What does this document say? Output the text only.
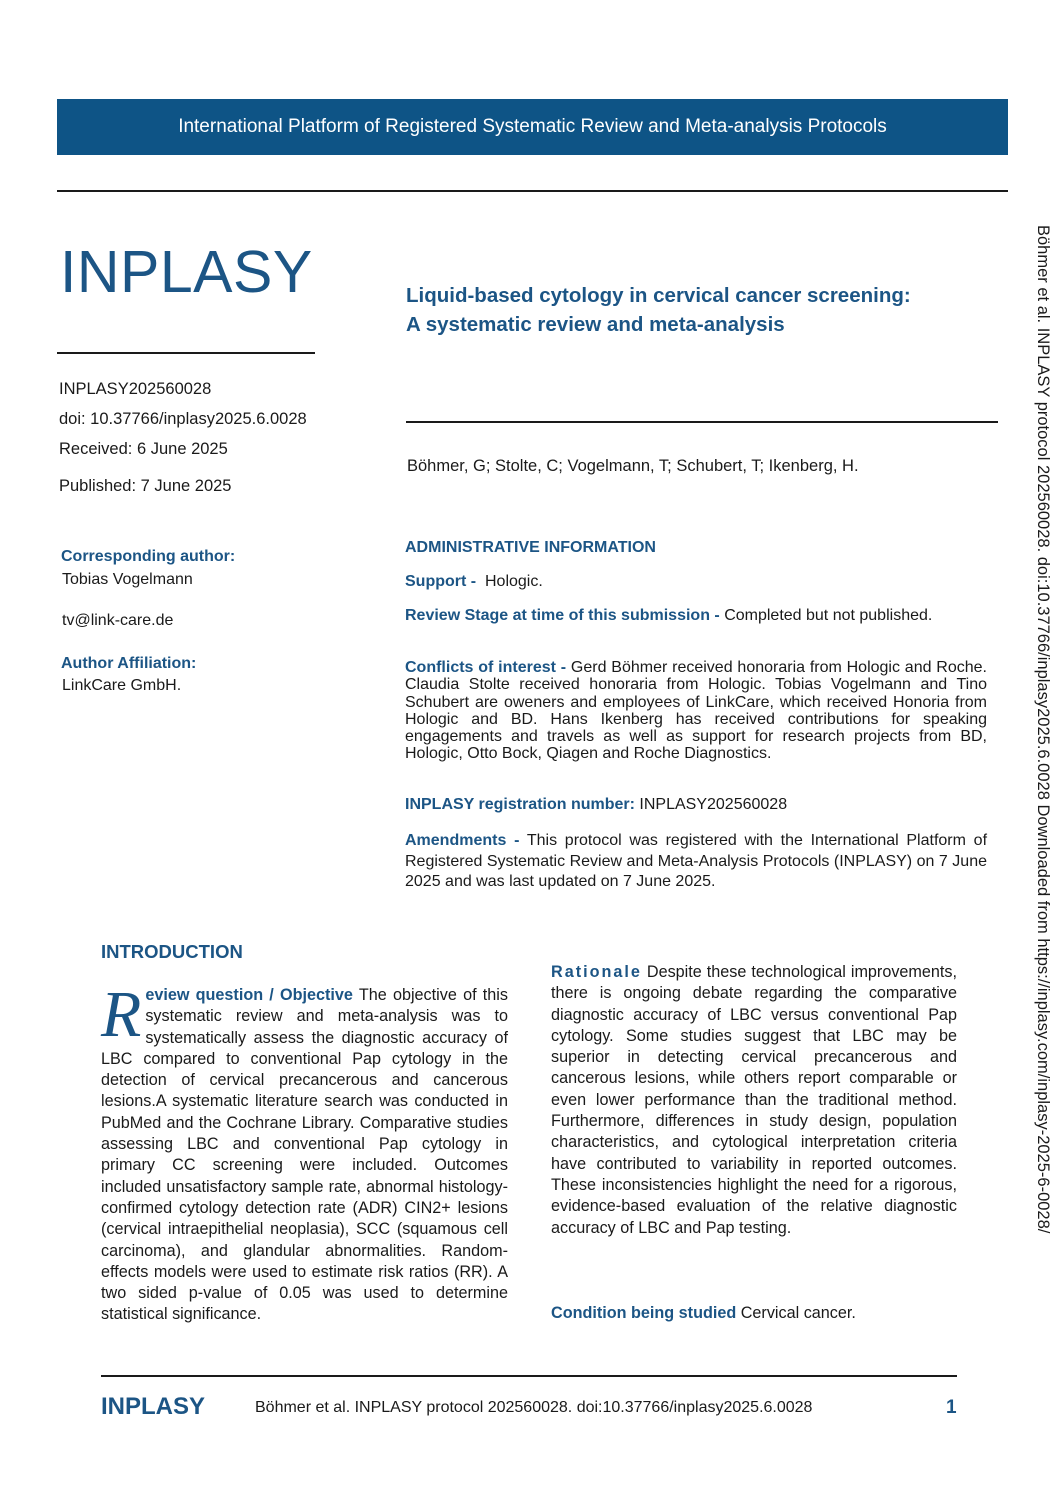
International Platform of Registered Systematic Review and Meta-analysis Protocols
INPLASY	Liquid-based cytology in cervical cancer screening:
A systematic review and meta-analysis
INPLASY202560028
doi: 10.37766/inplasy2025.6.0028
Received: 6 June 2025
Published: 7 June 2025
Böhmer, G; Stolte, C; Vogelmann, T; Schubert, T; Ikenberg, H.
Corresponding author:
Tobias Vogelmann
tv@link-care.de
Author Affiliation:
LinkCare GmbH.
ADMINISTRATIVE INFORMATION
Support - Hologic.
Review Stage at time of this submission - Completed but not published.
Conflicts of interest - Gerd Böhmer received honoraria from Hologic and Roche. Claudia Stolte received honoraria from Hologic. Tobias Vogelmann and Tino Schubert are oweners and employees of LinkCare, which received Honoria from Hologic and BD. Hans Ikenberg has received contributions for speaking engagements and travels as well as support for research projects from BD, Hologic, Otto Bock, Qiagen and Roche Diagnostics.
INPLASY registration number: INPLASY202560028
Amendments - This protocol was registered with the International Platform of Registered Systematic Review and Meta-Analysis Protocols (INPLASY) on 7 June 2025 and was last updated on 7 June 2025.
INTRODUCTION
R eview question / Objective The objective of this systematic review and meta-analysis was to systematically assess the diagnostic accuracy of LBC compared to conventional Pap cytology in the detection of cervical precancerous and cancerous lesions.A systematic literature search was conducted in PubMed and the Cochrane Library. Comparative studies assessing LBC and conventional Pap cytology in primary CC screening were included. Outcomes included unsatisfactory sample rate, abnormal histology-confirmed cytology detection rate (ADR) CIN2+ lesions (cervical intraepithelial neoplasia), SCC (squamous cell carcinoma), and glandular abnormalities. Random-effects models were used to estimate risk ratios (RR). A two sided p-value of 0.05 was used to determine statistical significance.
Rationale Despite these technological improvements, there is ongoing debate regarding the comparative diagnostic accuracy of LBC versus conventional Pap cytology. Some studies suggest that LBC may be superior in detecting cervical precancerous and cancerous lesions, while others report comparable or even lower performance than the traditional method. Furthermore, differences in study design, population characteristics, and cytological interpretation criteria have contributed to variability in reported outcomes. These inconsistencies highlight the need for a rigorous, evidence-based evaluation of the relative diagnostic accuracy of LBC and Pap testing.
Condition being studied Cervical cancer.
Böhmer et al. INPLASY protocol 202560028. doi:10.37766/inplasy2025.6.0028 Downloaded from https://inplasy.com/inplasy-2025-6-0028/
INPLASY	Böhmer et al. INPLASY protocol 202560028. doi:10.37766/inplasy2025.6.0028	1
